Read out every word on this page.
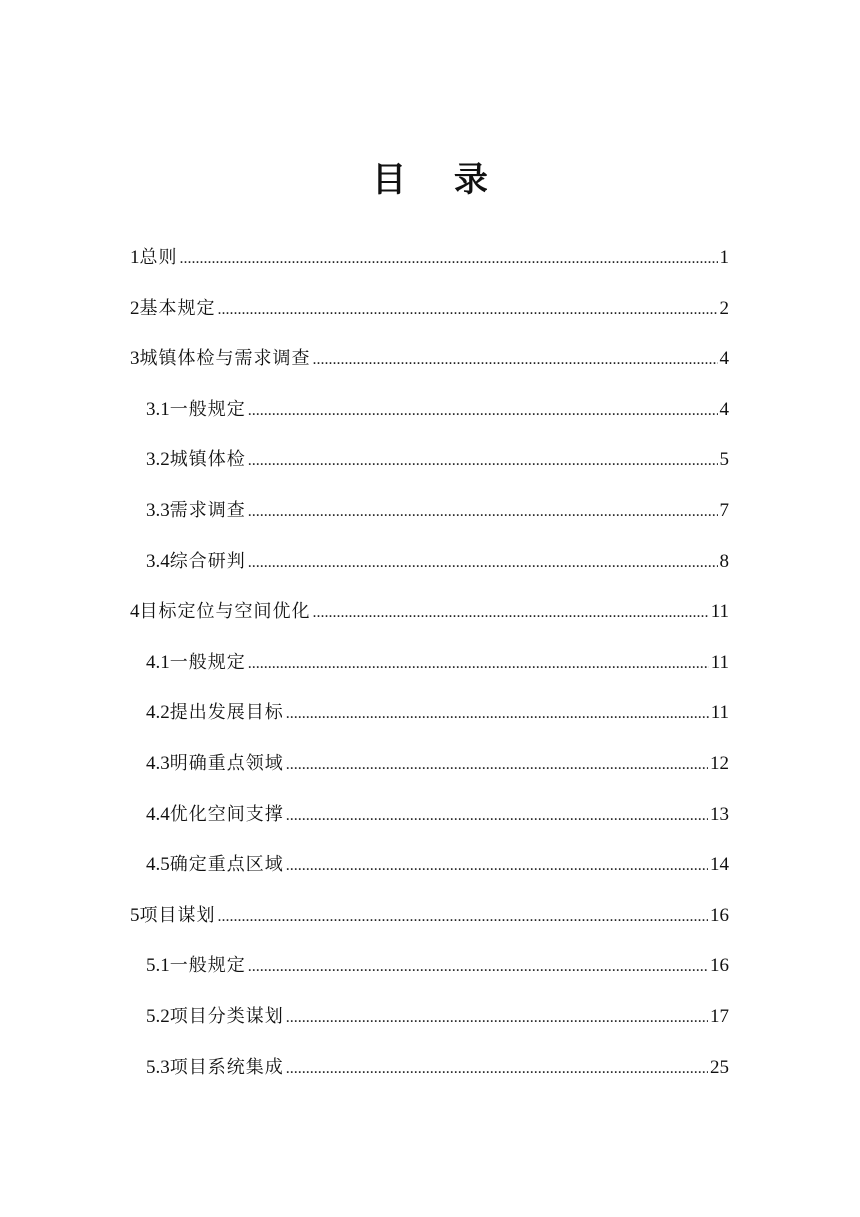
目 录
1 总则 .....	1
2 基本规定 .....	2
3 城镇体检与需求调查 .....	4
3.1 一般规定 .....	4
3.2 城镇体检 .....	5
3.3 需求调查 .....	7
3.4 综合研判 .....	8
4 目标定位与空间优化 .....	11
4.1 一般规定 .....	11
4.2 提出发展目标 .....	11
4.3 明确重点领域 .....	12
4.4 优化空间支撑 .....	13
4.5 确定重点区域 .....	14
5 项目谋划 .....	16
5.1 一般规定 .....	16
5.2 项目分类谋划 .....	17
5.3 项目系统集成 .....	25
